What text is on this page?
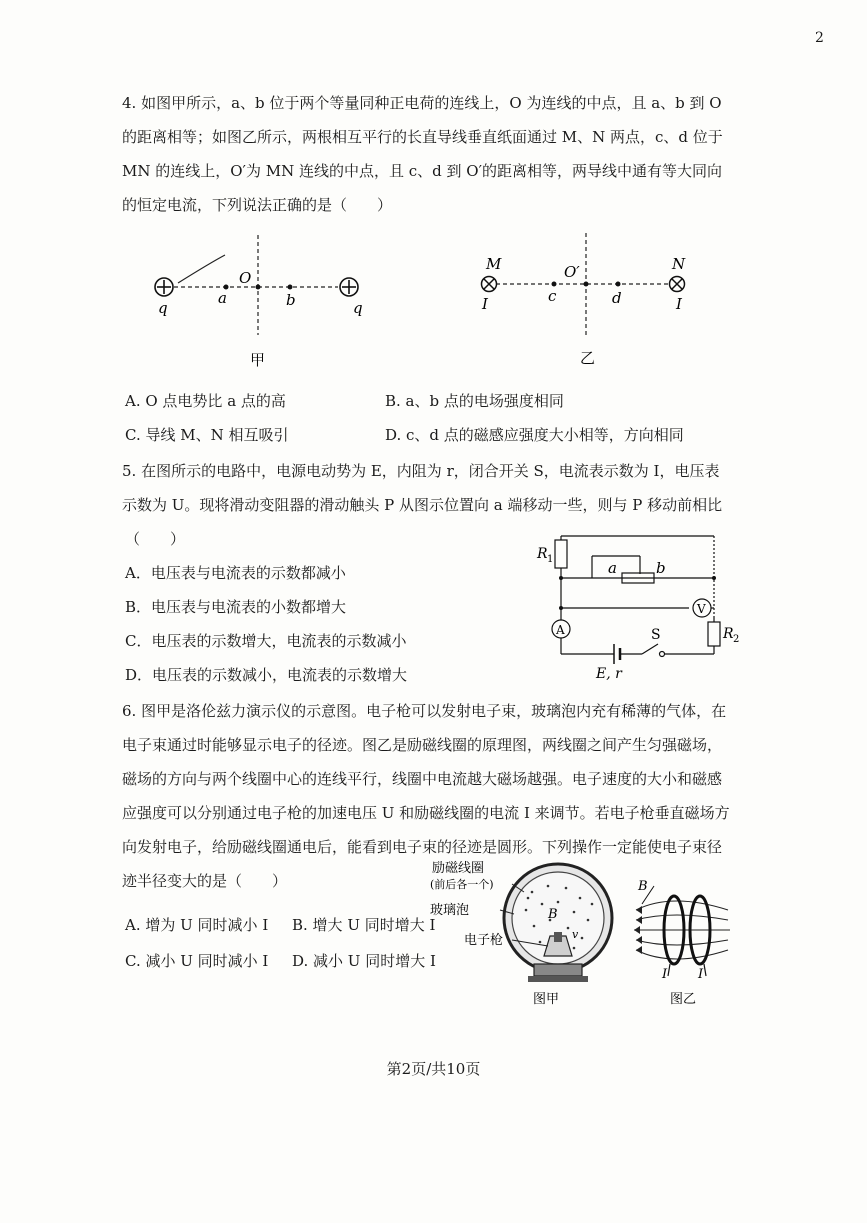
2
4. 如图甲所示，a、b 位于两个等量同种正电荷的连线上，O 为连线的中点，且 a、b 到 O 的距离相等；如图乙所示，两根相互平行的长直导线垂直纸面通过 M、N 两点，c、d 位于 MN 的连线上，O′为 MN 连线的中点，且 c、d 到 O′的距离相等，两导线中通有等大同向的恒定电流，下列说法正确的是（　　）
q	q
a
O
b
甲
M	N
I	I
c
O′
d
乙
A. O 点电势比 a 点的高	B. a、b 点的电场强度相同
C. 导线 M、N 相互吸引	D. c、d 点的磁感应强度大小相等，方向相同
5. 在图所示的电路中，电源电动势为 E，内阻为 r，闭合开关 S，电流表示数为 I，电压表示数为 U。现将滑动变阻器的滑动触头 P 从图示位置向 a 端移动一些，则与 P 移动前相比
（　　）
A．电压表与电流表的示数都减小
B．电压表与电流表的小数都增大
C．电压表的示数增大，电流表的示数减小
D．电压表的示数减小，电流表的示数增大
R 1
R 2
a	b
V
A	S
E, r
6. 图甲是洛伦兹力演示仪的示意图。电子枪可以发射电子束，玻璃泡内充有稀薄的气体，在电子束通过时能够显示电子的径迹。图乙是励磁线圈的原理图，两线圈之间产生匀强磁场，磁场的方向与两个线圈中心的连线平行，线圈中电流越大磁场越强。电子速度的大小和磁感应强度可以分别通过电子枪的加速电压 U 和励磁线圈的电流 I 来调节。若电子枪垂直磁场方向发射电子，给励磁线圈通电后，能看到电子束的径迹是圆形。下列操作一定能使电子束径迹半径变大的是（　　）
A. 增为 U 同时减小 I B. 增大 U 同时增大 I
C. 减小 U 同时减小 I D. 减小 U 同时增大 I
励磁线圈
(前后各一个)
玻璃泡
电子枪
B
v
图甲
B
I I
图乙
第2页/共10页
